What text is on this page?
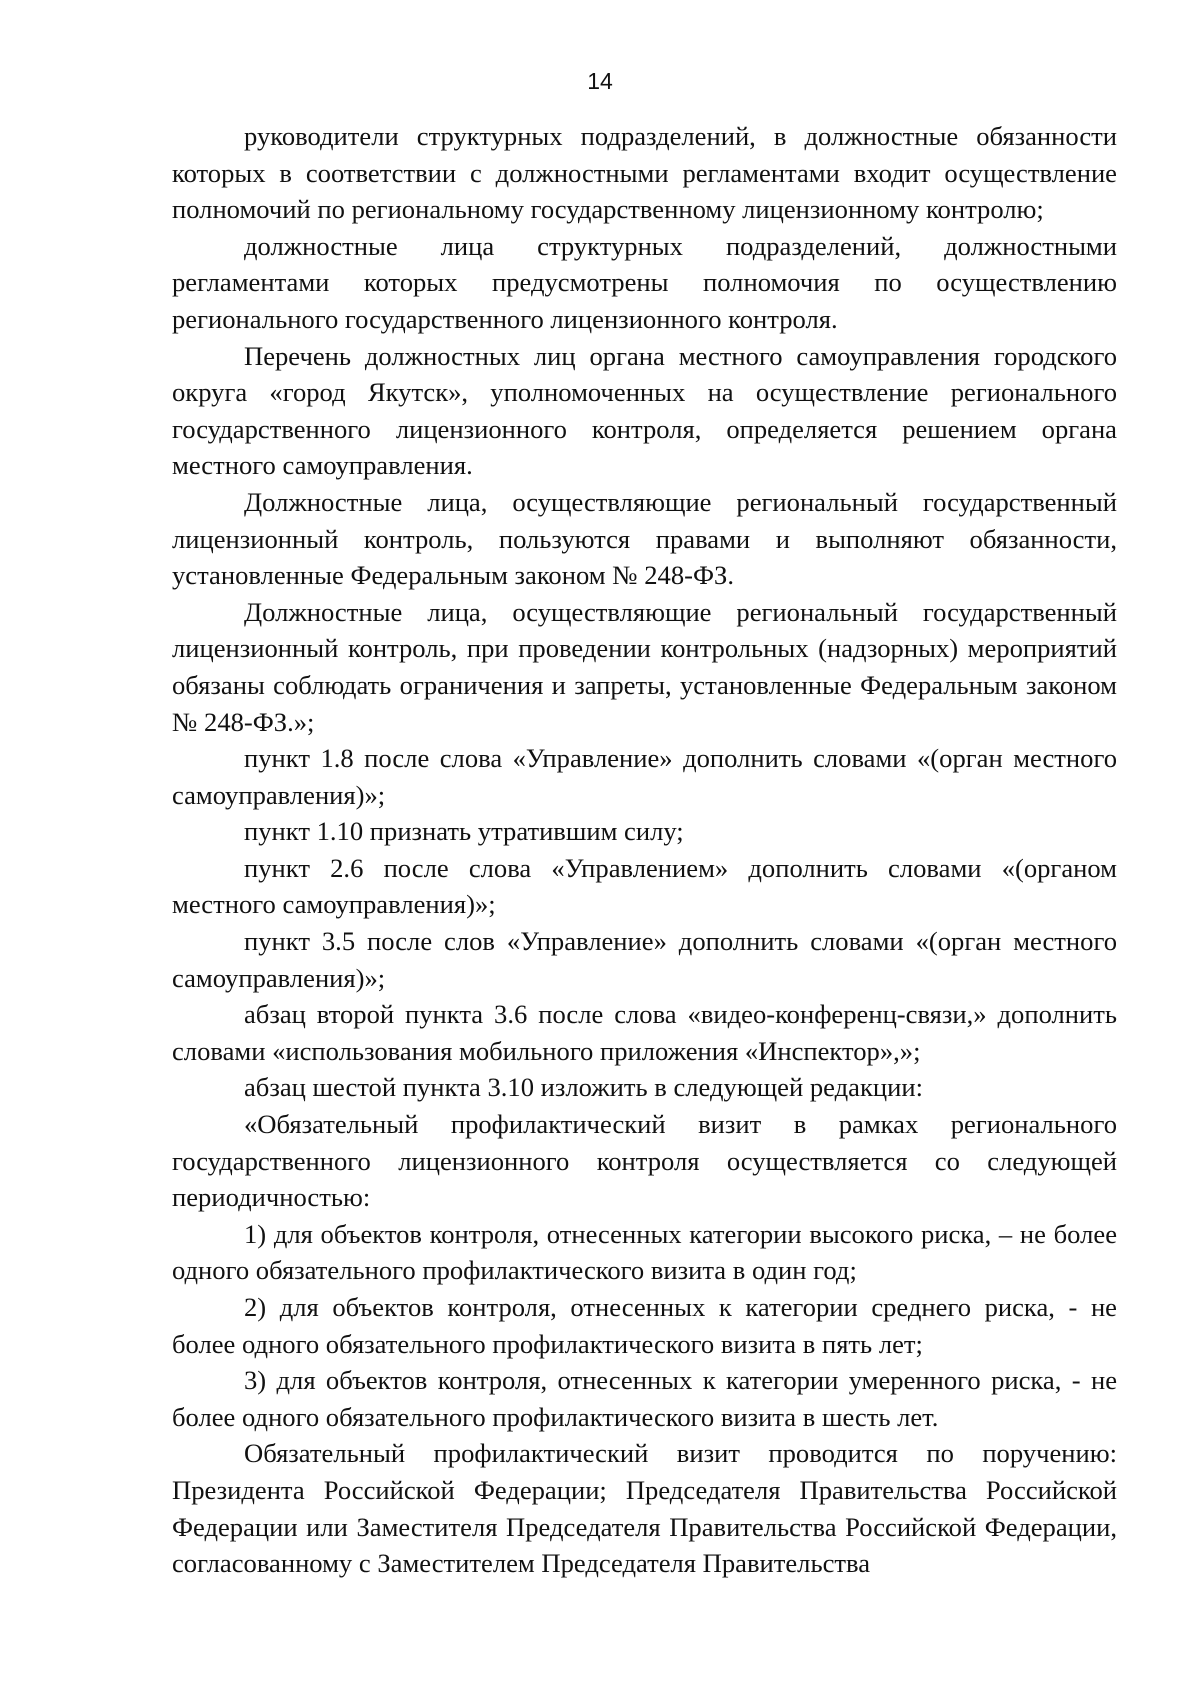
14

руководители структурных подразделений, в должностные обязанности которых в соответствии с должностными регламентами входит осуществление полномочий по региональному государственному лицензионному контролю;

должностные лица структурных подразделений, должностными регламентами которых предусмотрены полномочия по осуществлению регионального государственного лицензионного контроля.

Перечень должностных лиц органа местного самоуправления городского округа «город Якутск», уполномоченных на осуществление регионального государственного лицензионного контроля, определяется решением органа местного самоуправления.

Должностные лица, осуществляющие региональный государственный лицензионный контроль, пользуются правами и выполняют обязанности, установленные Федеральным законом № 248-ФЗ.

Должностные лица, осуществляющие региональный государственный лицензионный контроль, при проведении контрольных (надзорных) мероприятий обязаны соблюдать ограничения и запреты, установленные Федеральным законом № 248-ФЗ.»;

пункт 1.8 после слова «Управление» дополнить словами «(орган местного самоуправления)»;

пункт 1.10 признать утратившим силу;

пункт 2.6 после слова «Управлением» дополнить словами «(органом местного самоуправления)»;

пункт 3.5 после слов «Управление» дополнить словами «(орган местного самоуправления)»;

абзац второй пункта 3.6 после слова «видео-конференц-связи,» дополнить словами «использования мобильного приложения «Инспектор»,»;

абзац шестой пункта 3.10 изложить в следующей редакции:

«Обязательный профилактический визит в рамках регионального государственного лицензионного контроля осуществляется со следующей периодичностью:

1) для объектов контроля, отнесенных категории высокого риска, – не более одного обязательного профилактического визита в один год;

2) для объектов контроля, отнесенных к категории среднего риска, - не более одного обязательного профилактического визита в пять лет;

3) для объектов контроля, отнесенных к категории умеренного риска, - не более одного обязательного профилактического визита в шесть лет.

Обязательный профилактический визит проводится по поручению: Президента Российской Федерации; Председателя Правительства Российской Федерации или Заместителя Председателя Правительства Российской Федерации, согласованному с Заместителем Председателя Правительства
